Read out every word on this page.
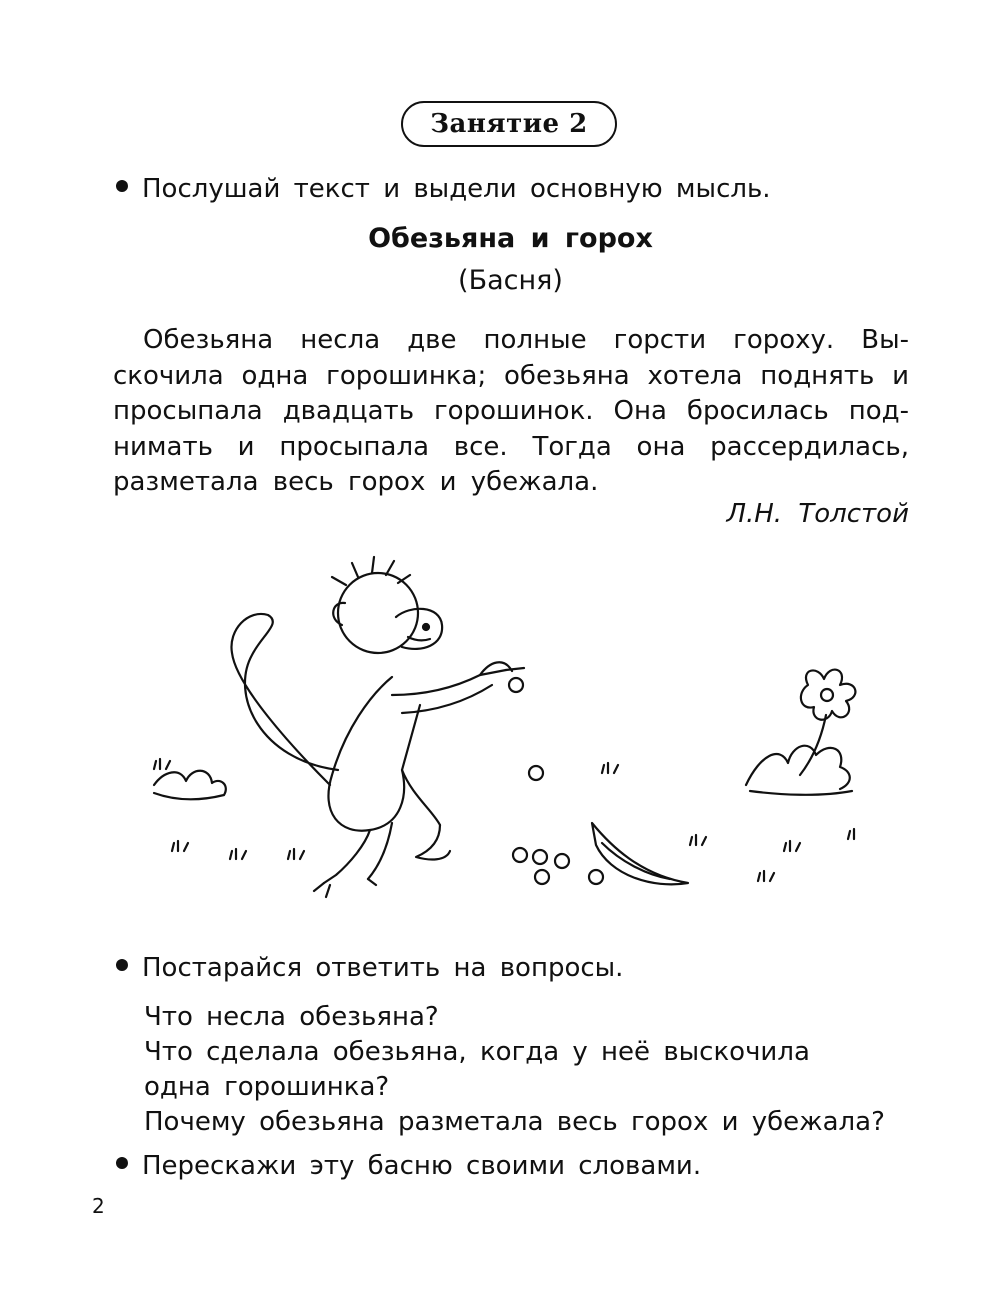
Занятие 2
Послушай текст и выдели основную мысль.
Обезьяна и горох
(Басня)
Обезьяна несла две полные горсти гороху. Вы-
скочила одна горошинка; обезьяна хотела поднять и
просыпала двадцать горошинок. Она бросилась под-
нимать и просыпала все. Тогда она рассердилась,
разметала весь горох и убежала.
Л.Н. Толстой
Постарайся ответить на вопросы.
Что несла обезьяна?
Что сделала обезьяна, когда у неё выскочила
одна горошинка?
Почему обезьяна разметала весь горох и убежала?
Перескажи эту басню своими словами.
2
